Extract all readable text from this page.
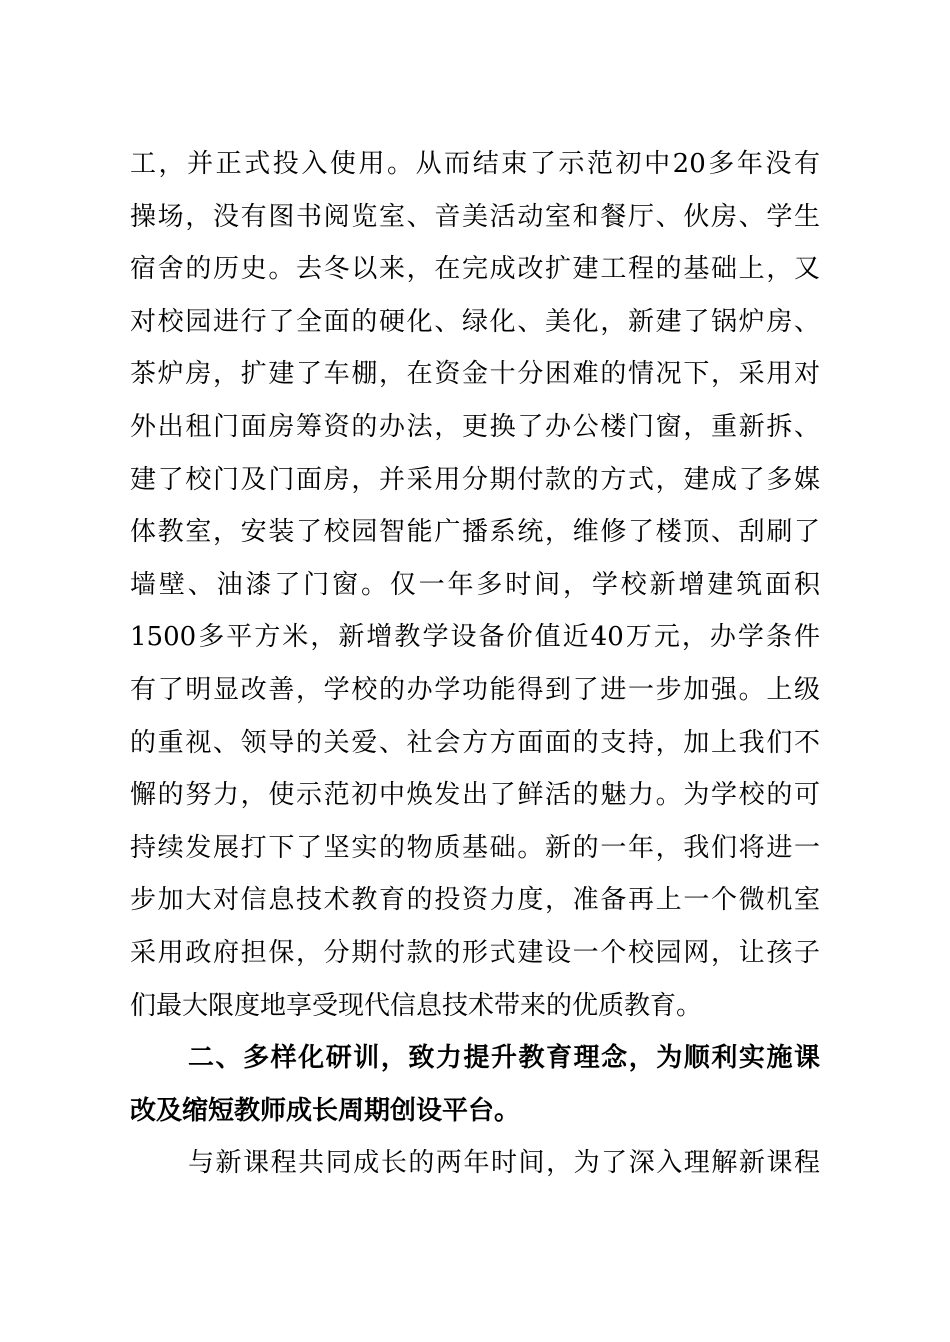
工，并正式投入使用。从而结束了示范初中20多年没有
操场，没有图书阅览室、音美活动室和餐厅、伙房、学生
宿舍的历史。去冬以来，在完成改扩建工程的基础上，又
对校园进行了全面的硬化、绿化、美化，新建了锅炉房、
茶炉房，扩建了车棚，在资金十分困难的情况下，采用对
外出租门面房筹资的办法，更换了办公楼门窗，重新拆、
建了校门及门面房，并采用分期付款的方式，建成了多媒
体教室，安装了校园智能广播系统，维修了楼顶、刮刷了
墙壁、油漆了门窗。仅一年多时间，学校新增建筑面积
1500多平方米，新增教学设备价值近40万元，办学条件
有了明显改善，学校的办学功能得到了进一步加强。上级
的重视、领导的关爱、社会方方面面的支持，加上我们不
懈的努力，使示范初中焕发出了鲜活的魅力。为学校的可
持续发展打下了坚实的物质基础。新的一年，我们将进一
步加大对信息技术教育的投资力度，准备再上一个微机室
采用政府担保，分期付款的形式建设一个校园网，让孩子
们最大限度地享受现代信息技术带来的优质教育。
二、多样化研训，致力提升教育理念，为顺利实施课
改及缩短教师成长周期创设平台。
与新课程共同成长的两年时间，为了深入理解新课程
